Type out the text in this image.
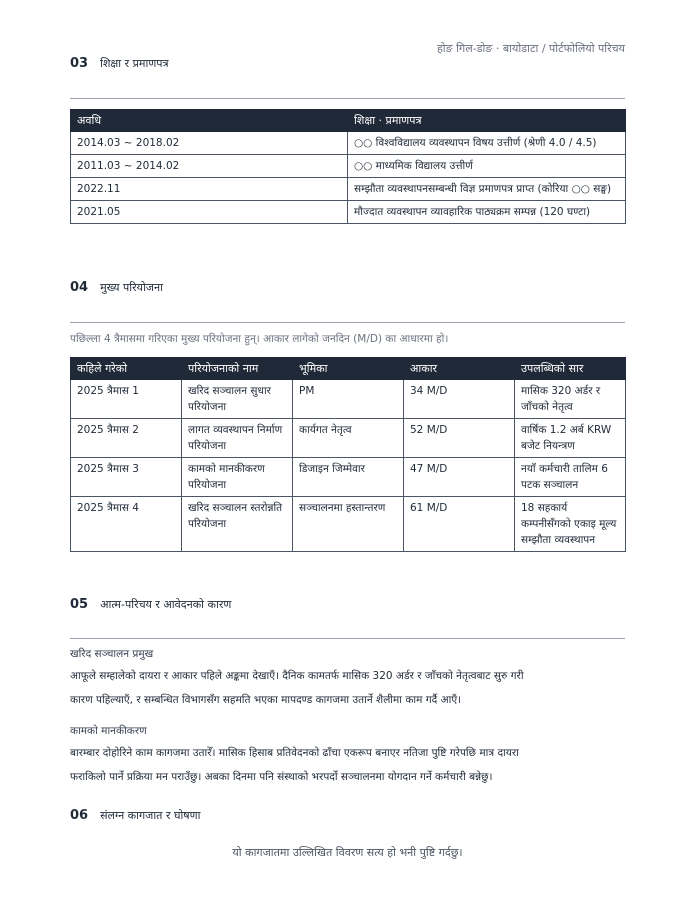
होङ गिल-डोङ · बायोडाटा / पोर्टफोलियो परिचय
03 शिक्षा र प्रमाणपत्र
अवधि	शिक्षा · प्रमाणपत्र
2014.03 ~ 2018.02	○○ विश्वविद्यालय व्यवस्थापन विषय उत्तीर्ण (श्रेणी 4.0 / 4.5)
2011.03 ~ 2014.02	○○ माध्यमिक विद्यालय उत्तीर्ण
2022.11	सम्झौता व्यवस्थापनसम्बन्धी विज्ञ प्रमाणपत्र प्राप्त (कोरिया ○○ सङ्घ)
2021.05	मौज्दात व्यवस्थापन व्यावहारिक पाठ्यक्रम सम्पन्न (120 घण्टा)
04 मुख्य परियोजना
पछिल्ला 4 त्रैमासमा गरिएका मुख्य परियोजना हुन्। आकार लागेको जनदिन (M/D) का आधारमा हो।
कहिले गरेको	परियोजनाको नाम	भूमिका	आकार	उपलब्धिको सार
2025 त्रैमास 1	खरिद सञ्चालन सुधार परियोजना	PM	34 M/D	मासिक 320 अर्डर र जाँचको नेतृत्व
2025 त्रैमास 2	लागत व्यवस्थापन निर्माण परियोजना	कार्यगत नेतृत्व	52 M/D	वार्षिक 1.2 अर्ब KRW बजेट नियन्त्रण
2025 त्रैमास 3	कामको मानकीकरण परियोजना	डिजाइन जिम्मेवार	47 M/D	नयाँ कर्मचारी तालिम 6 पटक सञ्चालन
2025 त्रैमास 4	खरिद सञ्चालन स्तरोन्नति परियोजना	सञ्चालनमा हस्तान्तरण	61 M/D	18 सहकार्य कम्पनीसँगको एकाइ मूल्य सम्झौता व्यवस्थापन
05 आत्म-परिचय र आवेदनको कारण
खरिद सञ्चालन प्रमुख
आफूले सम्हालेको दायरा र आकार पहिले अङ्कमा देखाएँ। दैनिक कामतर्फ मासिक 320 अर्डर र जाँचको नेतृत्वबाट सुरु गरी
कारण पहिल्याएँ, र सम्बन्धित विभागसँग सहमति भएका मापदण्ड कागजमा उतार्ने शैलीमा काम गर्दै आएँ।
कामको मानकीकरण
बारम्बार दोहोरिने काम कागजमा उतारेँ। मासिक हिसाब प्रतिवेदनको ढाँचा एकरूप बनाएर नतिजा पुष्टि गरेपछि मात्र दायरा
फराकिलो पार्ने प्रक्रिया मन पराउँछु। अबका दिनमा पनि संस्थाको भरपर्दो सञ्चालनमा योगदान गर्ने कर्मचारी बन्नेछु।
06 संलग्न कागजात र घोषणा
यो कागजातमा उल्लिखित विवरण सत्य हो भनी पुष्टि गर्दछु।
